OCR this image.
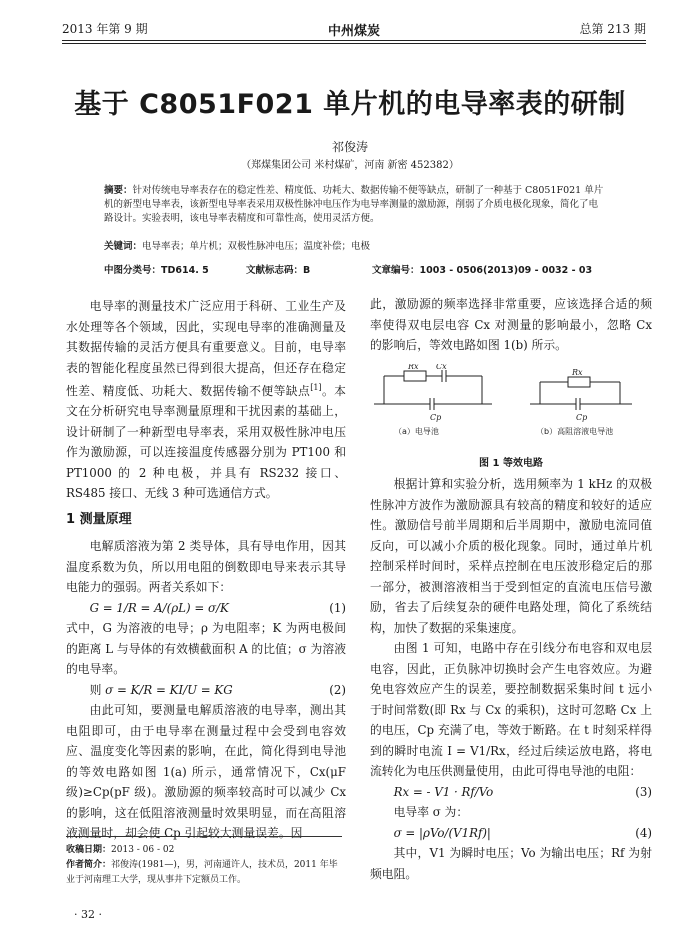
2013 年第 9 期	中州煤炭	总第 213 期
基于 C8051F021 单片机的电导率表的研制
祁俊涛
（郑煤集团公司 米村煤矿，河南 新密 452382）
摘要：针对传统电导率表存在的稳定性差、精度低、功耗大、数据传输不便等缺点，研制了一种基于 C8051F021 单片机的新型电导率表，该新型电导率表采用双极性脉冲电压作为电导率测量的激励源，削弱了介质电极化现象，简化了电路设计。实验表明，该电导率表精度和可靠性高，使用灵活方便。
关键词：电导率表；单片机；双极性脉冲电压；温度补偿；电极
中图分类号：TD614. 5	文献标志码：B	文章编号：1003 - 0506(2013)09 - 0032 - 03

电导率的测量技术广泛应用于科研、工业生产及水处理等各个领域，因此，实现电导率的准确测量及其数据传输的灵活方便具有重要意义。目前，电导率表的智能化程度虽然已得到很大提高，但还存在稳定性差、精度低、功耗大、数据传输不便等缺点[1]。本文在分析研究电导率测量原理和干扰因素的基础上，设计研制了一种新型电导率表，采用双极性脉冲电压作为激励源，可以连接温度传感器分别为 PT100 和 PT1000 的 2 种电极，并具有 RS232 接口、RS485 接口、无线 3 种可选通信方式。

1 测量原理

电解质溶液为第 2 类导体，具有导电作用，因其温度系数为负，所以用电阻的倒数即电导来表示其导电能力的强弱。两者关系如下：

G = 1/R = A/(ρL) = σ/K	(1)

式中，G 为溶液的电导；ρ 为电阻率；K 为两电极间的距离 L 与导体的有效横截面积 A 的比值；σ 为溶液的电导率。

则 σ = K/R = KI/U = KG	(2)

由此可知，要测量电解质溶液的电导率，测出其电阻即可，由于电导率在测量过程中会受到电容效应、温度变化等因素的影响，在此，简化得到电导池的等效电路如图 1(a) 所示，通常情况下，Cx(μF 级)≥Cp(pF 级)。激励源的频率较高时可以减少 Cx 的影响，这在低阻溶液测量时效果明显，而在高阻溶液测量时，却会使 Cp 引起较大测量误差。因

此，激励源的频率选择非常重要，应该选择合适的频率使得双电层电容 Cx 对测量的影响最小，忽略 Cx 的影响后，等效电路如图 1(b) 所示。

Rx Cx
Cp
Rx
Cp
（a）电导池	（b）高阻溶液电导池

图 1 等效电路

根据计算和实验分析，选用频率为 1 kHz 的双极性脉冲方波作为激励源具有较高的精度和较好的适应性。激励信号前半周期和后半周期中，激励电流同值反向，可以减小介质的极化现象。同时，通过单片机控制采样时间时，采样点控制在电压波形稳定后的那一部分，被测溶液相当于受到恒定的直流电压信号激励，省去了后续复杂的硬件电路处理，简化了系统结构，加快了数据的采集速度。

由图 1 可知，电路中存在引线分布电容和双电层电容，因此，正负脉冲切换时会产生电容效应。为避免电容效应产生的误差，要控制数据采集时间 t 远小于时间常数(即 Rx 与 Cx 的乘积)，这时可忽略 Cx 上的电压，Cp 充满了电，等效于断路。在 t 时刻采样得到的瞬时电流 I = V1/Rx，经过后续运放电路，将电流转化为电压供测量使用，由此可得电导池的电阻：

Rx = - V1 · Rf/Vo	(3)

电导率 σ 为：

σ = |ρVo/(V1Rf)|	(4)

其中，V1 为瞬时电压；Vo 为输出电压；Rf 为射频电阻。

收稿日期：2013 - 06 - 02
作者简介：祁俊涛(1981—)，男，河南通许人，技术员，2011 年毕业于河南理工大学，现从事井下定额员工作。
· 32 ·
